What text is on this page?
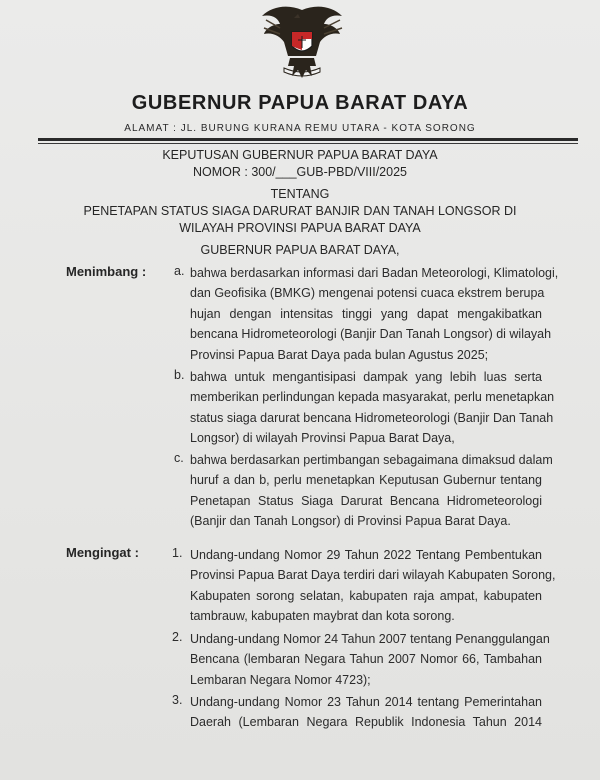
GUBERNUR PAPUA BARAT DAYA
ALAMAT : JL. BURUNG KURANA REMU UTARA - KOTA SORONG
KEPUTUSAN GUBERNUR PAPUA BARAT DAYA
NOMOR : 300/___GUB-PBD/VIII/2025
TENTANG
PENETAPAN STATUS SIAGA DARURAT BANJIR DAN TANAH LONGSOR DI
WILAYAH PROVINSI PAPUA BARAT DAYA
GUBERNUR PAPUA BARAT DAYA,
Menimbang : a. bahwa berdasarkan informasi dari Badan Meteorologi, Klimatologi,
dan Geofisika (BMKG) mengenai potensi cuaca ekstrem berupa
hujan dengan intensitas tinggi yang dapat mengakibatkan
bencana Hidrometeorologi (Banjir Dan Tanah Longsor) di wilayah
Provinsi Papua Barat Daya pada bulan Agustus 2025;
b. bahwa untuk mengantisipasi dampak yang lebih luas serta
memberikan perlindungan kepada masyarakat, perlu menetapkan
status siaga darurat bencana Hidrometeorologi (Banjir Dan Tanah
Longsor) di wilayah Provinsi Papua Barat Daya,
c. bahwa berdasarkan pertimbangan sebagaimana dimaksud dalam
huruf a dan b, perlu menetapkan Keputusan Gubernur tentang
Penetapan Status Siaga Darurat Bencana Hidrometeorologi
(Banjir dan Tanah Longsor) di Provinsi Papua Barat Daya.
Mengingat :	1. Undang-undang Nomor 29 Tahun 2022 Tentang Pembentukan
Provinsi Papua Barat Daya terdiri dari wilayah Kabupaten Sorong,
Kabupaten sorong selatan, kabupaten raja ampat, kabupaten
tambrauw, kabupaten maybrat dan kota sorong.
2. Undang-undang Nomor 24 Tahun 2007 tentang Penanggulangan
Bencana (lembaran Negara Tahun 2007 Nomor 66, Tambahan
Lembaran Negara Nomor 4723);
3. Undang-undang Nomor 23 Tahun 2014 tentang Pemerintahan
Daerah (Lembaran Negara Republik Indonesia Tahun 2014
